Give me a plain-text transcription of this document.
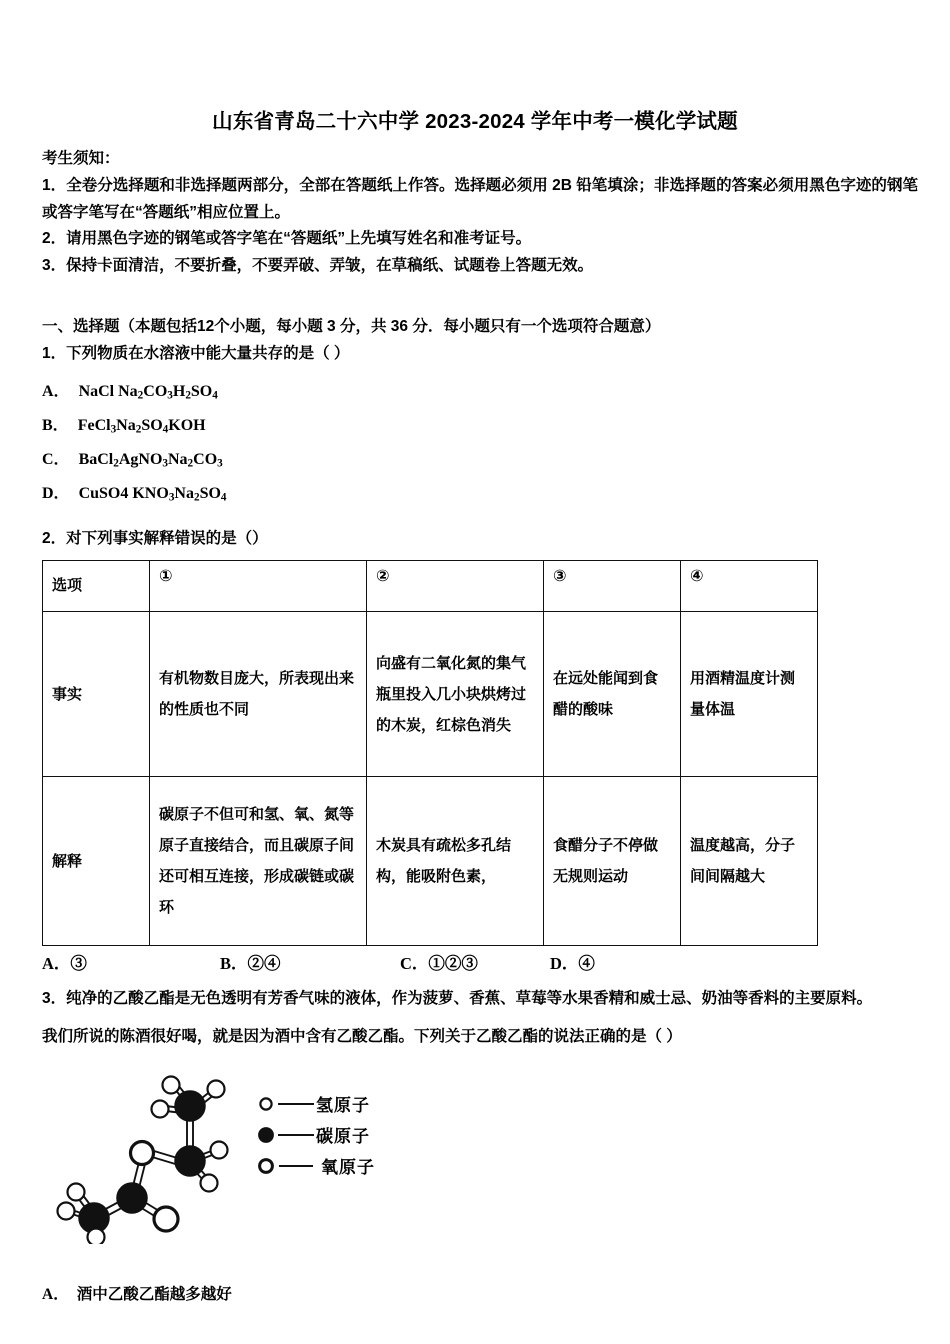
山东省青岛二十六中学 2023-2024 学年中考一模化学试题

考生须知：

1．全卷分选择题和非选择题两部分，全部在答题纸上作答。选择题必须用 2B 铅笔填涂；非选择题的答案必须用黑色字迹的钢笔或答字笔写在“答题纸”相应位置上。

2．请用黑色字迹的钢笔或答字笔在“答题纸”上先填写姓名和准考证号。

3．保持卡面清洁，不要折叠，不要弄破、弄皱，在草稿纸、试题卷上答题无效。

一、选择题（本题包括12个小题，每小题 3 分，共 36 分．每小题只有一个选项符合题意）

1．下列物质在水溶液中能大量共存的是（ ）

A． NaCl $Na_2CO_3H_2SO_4$

B． $FeCl_3Na_2SO_4KOH$

C． $BaCl_2AgNO_3Na_2CO_3$

D． CuSO4 $KNO_3Na_2SO_4$

2．对下列事实解释错误的是（）

选项	①	②	③	④
事实	有机物数目庞大，所表现出来的性质也不同	向盛有二氧化氮的集气瓶里投入几小块烘烤过的木炭，红棕色消失	在远处能闻到食醋的酸味	用酒精温度计测量体温
解释	碳原子不但可和氢、氧、氮等原子直接结合，而且碳原子间还可相互连接，形成碳链或碳环	木炭具有疏松多孔结构，能吸附色素，	食醋分子不停做无规则运动	温度越高，分子间间隔越大
A．③	B．②④	C．①②③	D．④

3．纯净的乙酸乙酯是无色透明有芳香气味的液体，作为菠萝、香蕉、草莓等水果香精和威士忌、奶油等香料的主要原料。

我们所说的陈酒很好喝，就是因为酒中含有乙酸乙酯。下列关于乙酸乙酯的说法正确的是（ ）

氢原子
碳原子
氧原子

A． 酒中乙酸乙酯越多越好
